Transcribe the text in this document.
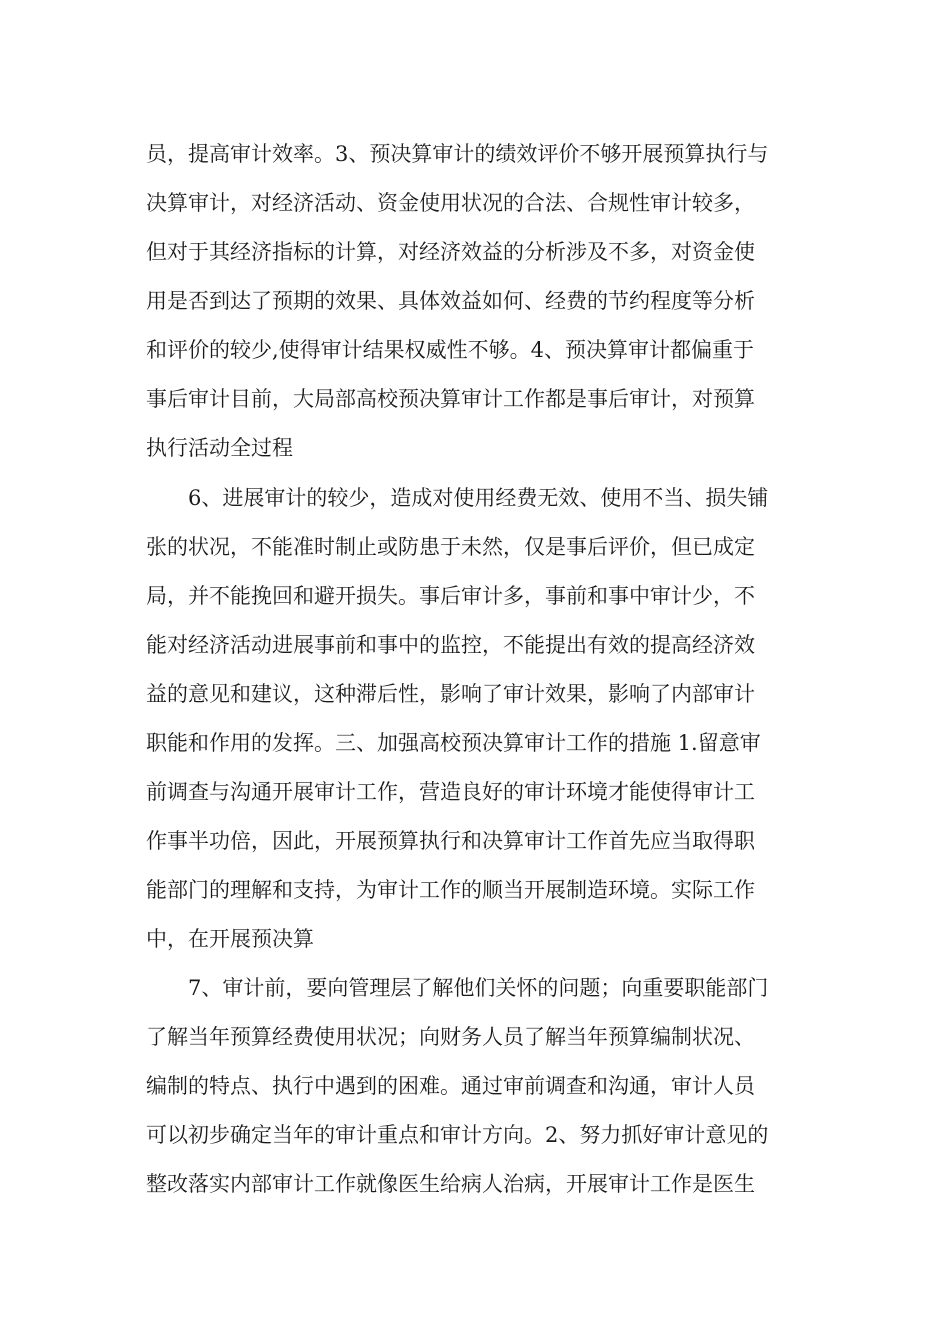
员，提高审计效率。3、预决算审计的绩效评价不够开展预算执行与
决算审计，对经济活动、资金使用状况的合法、合规性审计较多，
但对于其经济指标的计算，对经济效益的分析涉及不多，对资金使
用是否到达了预期的效果、具体效益如何、经费的节约程度等分析
和评价的较少,使得审计结果权威性不够。4、预决算审计都偏重于
事后审计目前，大局部高校预决算审计工作都是事后审计，对预算
执行活动全过程
6、进展审计的较少，造成对使用经费无效、使用不当、损失铺
张的状况，不能准时制止或防患于未然，仅是事后评价，但已成定
局，并不能挽回和避开损失。事后审计多，事前和事中审计少，不
能对经济活动进展事前和事中的监控，不能提出有效的提高经济效
益的意见和建议，这种滞后性，影响了审计效果，影响了内部审计
职能和作用的发挥。三、加强高校预决算审计工作的措施 1.留意审
前调查与沟通开展审计工作，营造良好的审计环境才能使得审计工
作事半功倍，因此，开展预算执行和决算审计工作首先应当取得职
能部门的理解和支持，为审计工作的顺当开展制造环境。实际工作
中，在开展预决算
7、审计前，要向管理层了解他们关怀的问题；向重要职能部门
了解当年预算经费使用状况；向财务人员了解当年预算编制状况、
编制的特点、执行中遇到的困难。通过审前调查和沟通，审计人员
可以初步确定当年的审计重点和审计方向。2、努力抓好审计意见的
整改落实内部审计工作就像医生给病人治病，开展审计工作是医生
